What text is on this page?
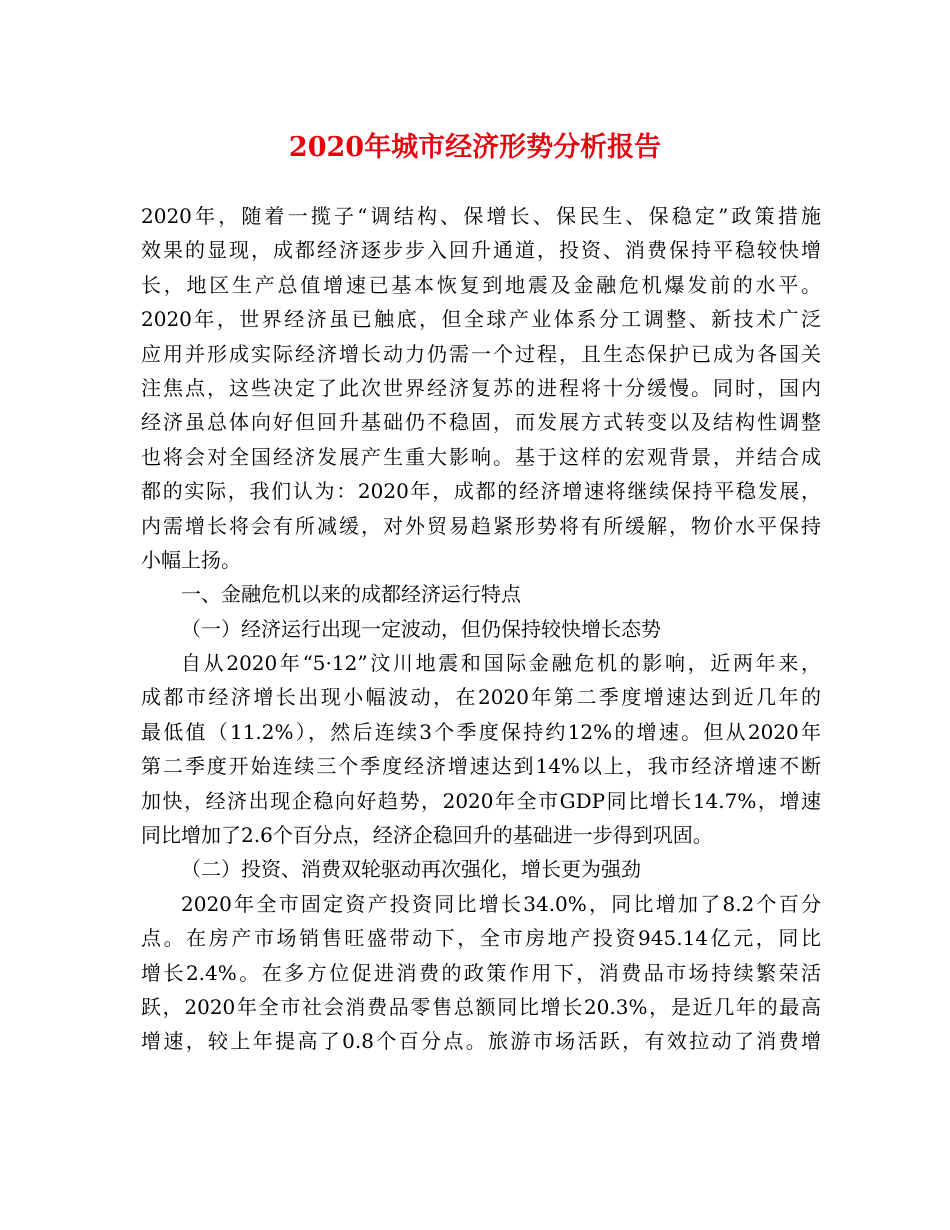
2020年城市经济形势分析报告
2020年，随着一揽子“调结构、保增长、保民生、保稳定”政策措施
效果的显现，成都经济逐步步入回升通道，投资、消费保持平稳较快增
长，地区生产总值增速已基本恢复到地震及金融危机爆发前的水平。
2020年，世界经济虽已触底，但全球产业体系分工调整、新技术广泛
应用并形成实际经济增长动力仍需一个过程，且生态保护已成为各国关
注焦点，这些决定了此次世界经济复苏的进程将十分缓慢。同时，国内
经济虽总体向好但回升基础仍不稳固，而发展方式转变以及结构性调整
也将会对全国经济发展产生重大影响。基于这样的宏观背景，并结合成
都的实际，我们认为：2020年，成都的经济增速将继续保持平稳发展，
内需增长将会有所减缓，对外贸易趋紧形势将有所缓解，物价水平保持
小幅上扬。
一、金融危机以来的成都经济运行特点
（一）经济运行出现一定波动，但仍保持较快增长态势
自从2020年“5·12”汶川地震和国际金融危机的影响，近两年来，
成都市经济增长出现小幅波动，在2020年第二季度增速达到近几年的
最低值（11.2%），然后连续3个季度保持约12%的增速。但从2020年
第二季度开始连续三个季度经济增速达到14%以上，我市经济增速不断
加快，经济出现企稳向好趋势，2020年全市GDP同比增长14.7%，增速
同比增加了2.6个百分点，经济企稳回升的基础进一步得到巩固。
（二）投资、消费双轮驱动再次强化，增长更为强劲
2020年全市固定资产投资同比增长34.0%，同比增加了8.2个百分
点。在房产市场销售旺盛带动下，全市房地产投资945.14亿元，同比
增长2.4%。在多方位促进消费的政策作用下，消费品市场持续繁荣活
跃，2020年全市社会消费品零售总额同比增长20.3%，是近几年的最高
增速，较上年提高了0.8个百分点。旅游市场活跃，有效拉动了消费增
